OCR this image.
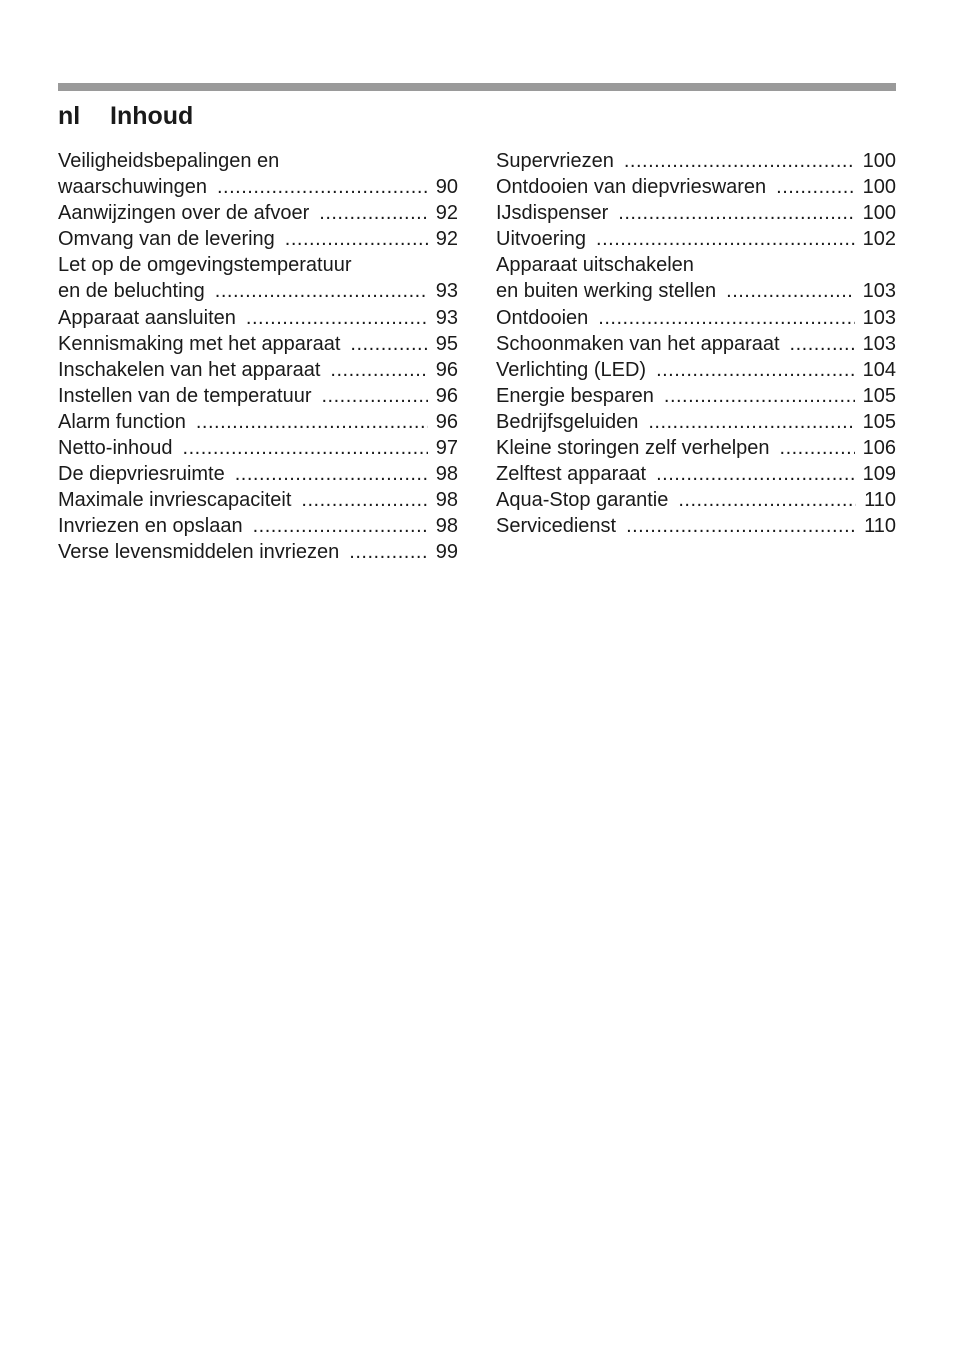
nl Inhoud
Veiligheidsbepalingen en
waarschuwingen .....	90
Aanwijzingen over de afvoer .....	92
Omvang van de levering .....	92
Let op de omgevingstemperatuur
en de beluchting .....	93
Apparaat aansluiten .....	93
Kennismaking met het apparaat .....	95
Inschakelen van het apparaat .....	96
Instellen van de temperatuur .....	96
Alarm function .....	96
Netto-inhoud .....	97
De diepvriesruimte .....	98
Maximale invriescapaciteit .....	98
Invriezen en opslaan .....	98
Verse levensmiddelen invriezen .....	99
Supervriezen .....	100
Ontdooien van diepvrieswaren .....	100
IJsdispenser .....	100
Uitvoering .....	102
Apparaat uitschakelen
en buiten werking stellen .....	103
Ontdooien .....	103
Schoonmaken van het apparaat .....	103
Verlichting (LED) .....	104
Energie besparen .....	105
Bedrijfsgeluiden .....	105
Kleine storingen zelf verhelpen .....	106
Zelftest apparaat .....	109
Aqua-Stop garantie .....	110
Servicedienst .....	110
